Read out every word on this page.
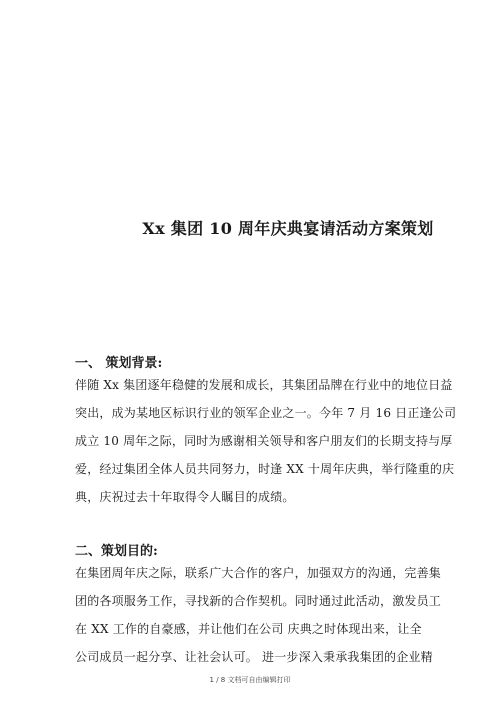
Xx 集团 10 周年庆典宴请活动方案策划
一、 策划背景:
伴随 Xx 集团逐年稳健的发展和成长，其集团品牌在行业中的地位日益
突出，成为某地区标识行业的领军企业之一。今年 7 月 16 日正逢公司
成立 10 周年之际，同时为感谢相关领导和客户朋友们的长期支持与厚
爱，经过集团全体人员共同努力，时逢 XX 十周年庆典，举行隆重的庆
典，庆祝过去十年取得令人瞩目的成绩。
二、策划目的:
在集团周年庆之际，联系广大合作的客户，加强双方的沟通，完善集
团的各项服务工作，寻找新的合作契机。同时通过此活动，激发员工
在 XX 工作的自豪感，并让他们在公司 庆典之时体现出来，让全
公司成员一起分享、让社会认可。 进一步深入秉承我集团的企业精
1 / 8 文档可自由编辑打印
